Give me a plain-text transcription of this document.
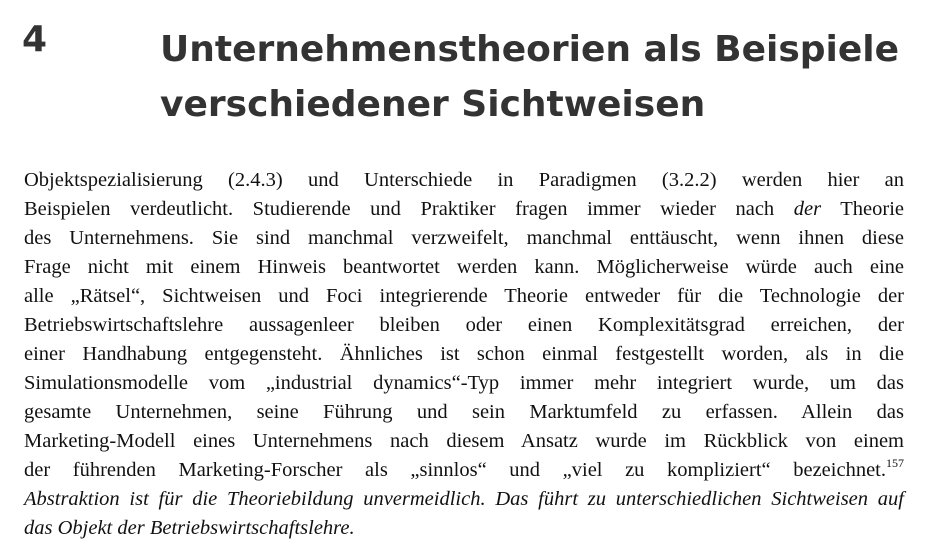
4	Unternehmenstheorien als Beispiele
verschiedener Sichtweisen
Objektspezialisierung (2.4.3) und Unterschiede in Paradigmen (3.2.2) werden hier an
Beispielen verdeutlicht. Studierende und Praktiker fragen immer wieder nach der Theorie
des Unternehmens. Sie sind manchmal verzweifelt, manchmal enttäuscht, wenn ihnen diese
Frage nicht mit einem Hinweis beantwortet werden kann. Möglicherweise würde auch eine
alle „Rätsel“, Sichtweisen und Foci integrierende Theorie entweder für die Technologie der
Betriebswirtschaftslehre aussagenleer bleiben oder einen Komplexitätsgrad erreichen, der
einer Handhabung entgegensteht. Ähnliches ist schon einmal festgestellt worden, als in die
Simulationsmodelle vom „industrial dynamics“-Typ immer mehr integriert wurde, um das
gesamte Unternehmen, seine Führung und sein Marktumfeld zu erfassen. Allein das
Marketing-Modell eines Unternehmens nach diesem Ansatz wurde im Rückblick von einem
der führenden Marketing-Forscher als „sinnlos“ und „viel zu kompliziert“ bezeichnet.$^{157}$
Abstraktion ist für die Theoriebildung unvermeidlich. Das führt zu unterschiedlichen Sichtweisen auf
das Objekt der Betriebswirtschaftslehre.
